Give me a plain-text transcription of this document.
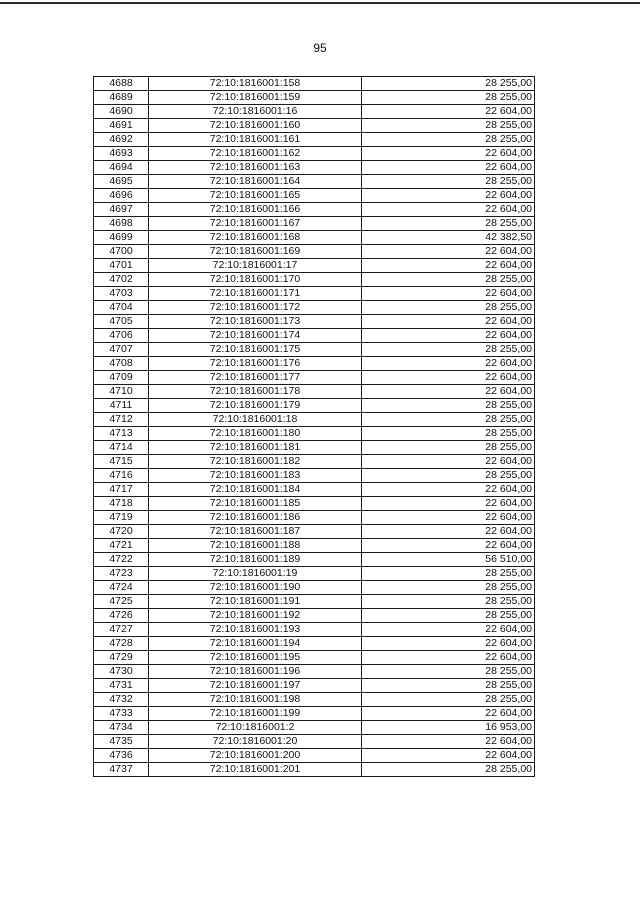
95
4688	72:10:1816001:158	28 255,00
4689	72:10:1816001:159	28 255,00
4690	72:10:1816001:16	22 604,00
4691	72:10:1816001:160	28 255,00
4692	72:10:1816001:161	28 255,00
4693	72:10:1816001:162	22 604,00
4694	72:10:1816001:163	22 604,00
4695	72:10:1816001:164	28 255,00
4696	72:10:1816001:165	22 604,00
4697	72:10:1816001:166	22 604,00
4698	72:10:1816001:167	28 255,00
4699	72:10:1816001:168	42 382,50
4700	72:10:1816001:169	22 604,00
4701	72:10:1816001:17	22 604,00
4702	72:10:1816001:170	28 255,00
4703	72:10:1816001:171	22 604,00
4704	72:10:1816001:172	28 255,00
4705	72:10:1816001:173	22 604,00
4706	72:10:1816001:174	22 604,00
4707	72:10:1816001:175	28 255,00
4708	72:10:1816001:176	22 604,00
4709	72:10:1816001:177	22 604,00
4710	72:10:1816001:178	22 604,00
4711	72:10:1816001:179	28 255,00
4712	72:10:1816001:18	28 255,00
4713	72:10:1816001:180	28 255,00
4714	72:10:1816001:181	28 255,00
4715	72:10:1816001:182	22 604,00
4716	72:10:1816001:183	28 255,00
4717	72:10:1816001:184	22 604,00
4718	72:10:1816001:185	22 604,00
4719	72:10:1816001:186	22 604,00
4720	72:10:1816001:187	22 604,00
4721	72:10:1816001:188	22 604,00
4722	72:10:1816001:189	56 510,00
4723	72:10:1816001:19	28 255,00
4724	72:10:1816001:190	28 255,00
4725	72:10:1816001:191	28 255,00
4726	72:10:1816001:192	28 255,00
4727	72:10:1816001:193	22 604,00
4728	72:10:1816001:194	22 604,00
4729	72:10:1816001:195	22 604,00
4730	72:10:1816001:196	28 255,00
4731	72:10:1816001:197	28 255,00
4732	72:10:1816001:198	28 255,00
4733	72:10:1816001:199	22 604,00
4734	72:10:1816001:2	16 953,00
4735	72:10:1816001:20	22 604,00
4736	72:10:1816001:200	22 604,00
4737	72:10:1816001:201	28 255,00
